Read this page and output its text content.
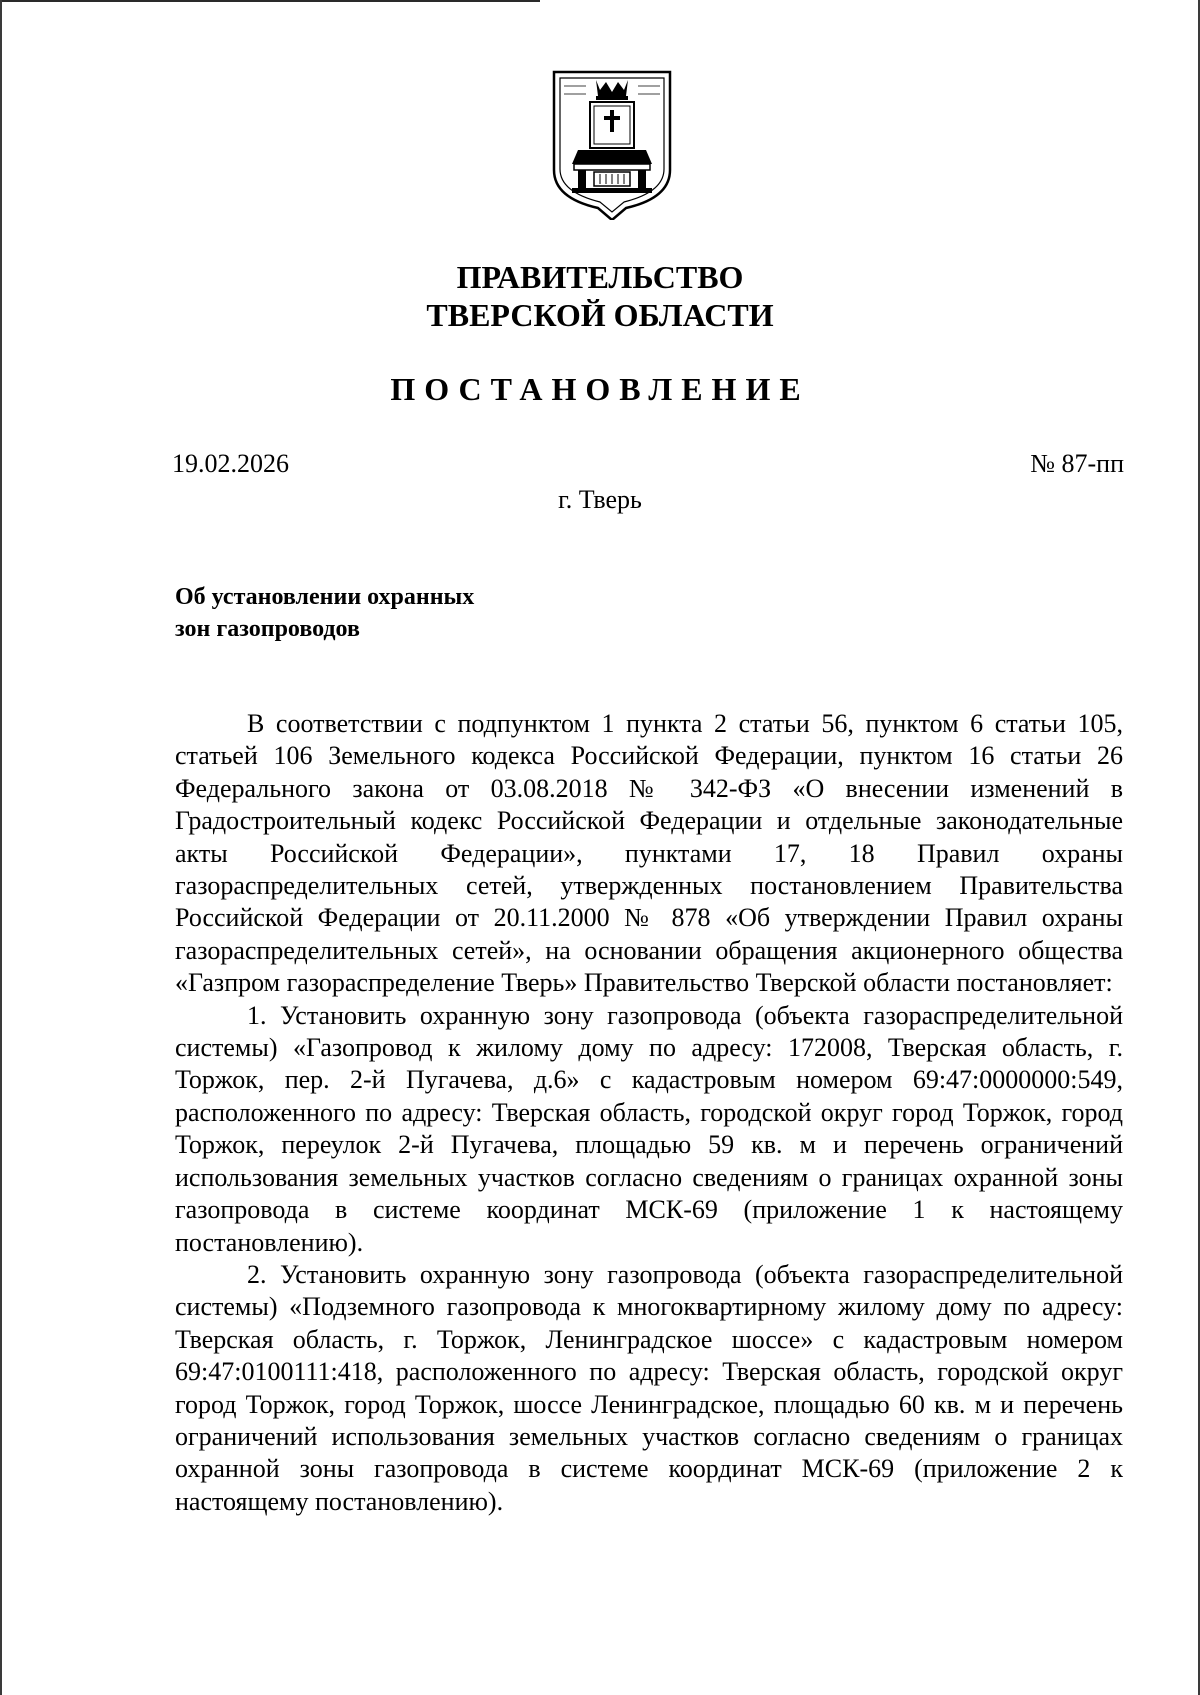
ПРАВИТЕЛЬСТВО
ТВЕРСКОЙ ОБЛАСТИ
ПОСТАНОВЛЕНИЕ
19.02.2026	№ 87-пп
г. Тверь
Об установлении охранных
зон газопроводов

В соответствии с подпунктом 1 пункта 2 статьи 56, пунктом 6 статьи 105, статьей 106 Земельного кодекса Российской Федерации, пунктом 16 статьи 26 Федерального закона от 03.08.2018 № 342-ФЗ «О внесении изменений в Градостроительный кодекс Российской Федерации и отдельные законодательные акты Российской Федерации», пунктами 17, 18 Правил охраны газораспределительных сетей, утвержденных постановлением Правительства Российской Федерации от 20.11.2000 № 878 «Об утверждении Правил охраны газораспределительных сетей», на основании обращения акционерного общества «Газпром газораспределение Тверь» Правительство Тверской области постановляет:

1. Установить охранную зону газопровода (объекта газораспределительной системы) «Газопровод к жилому дому по адресу: 172008, Тверская область, г. Торжок, пер. 2-й Пугачева, д.6» с кадастровым номером 69:47:0000000:549, расположенного по адресу: Тверская область, городской округ город Торжок, город Торжок, переулок 2-й Пугачева, площадью 59 кв. м и перечень ограничений использования земельных участков согласно сведениям о границах охранной зоны газопровода в системе координат МСК-69 (приложение 1 к настоящему постановлению).

2. Установить охранную зону газопровода (объекта газораспределительной системы) «Подземного газопровода к многоквартирному жилому дому по адресу: Тверская область, г. Торжок, Ленинградское шоссе» с кадастровым номером 69:47:0100111:418, расположенного по адресу: Тверская область, городской округ город Торжок, город Торжок, шоссе Ленинградское, площадью 60 кв. м и перечень ограничений использования земельных участков согласно сведениям о границах охранной зоны газопровода в системе координат МСК-69 (приложение 2 к настоящему постановлению).
